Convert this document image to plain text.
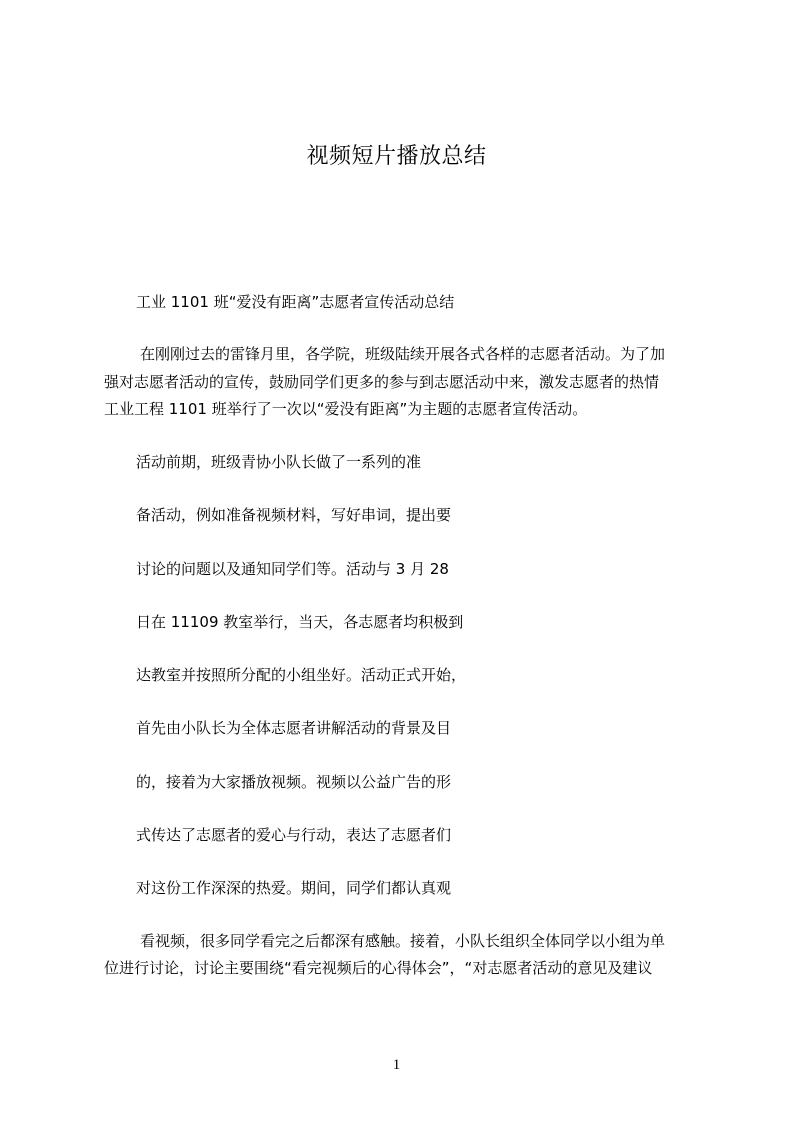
视频短片播放总结
工业 1101 班“爱没有距离”志愿者宣传活动总结
在刚刚过去的雷锋月里，各学院，班级陆续开展各式各样的志愿者活动。为了加
强对志愿者活动的宣传，鼓励同学们更多的参与到志愿活动中来，激发志愿者的热情
工业工程 1101 班举行了一次以“爱没有距离”为主题的志愿者宣传活动。
活动前期，班级青协小队长做了一系列的准
备活动，例如准备视频材料，写好串词，提出要
讨论的问题以及通知同学们等。活动与 3 月 28
日在 11109 教室举行，当天，各志愿者均积极到
达教室并按照所分配的小组坐好。活动正式开始，
首先由小队长为全体志愿者讲解活动的背景及目
的，接着为大家播放视频。视频以公益广告的形
式传达了志愿者的爱心与行动，表达了志愿者们
对这份工作深深的热爱。期间，同学们都认真观
看视频，很多同学看完之后都深有感触。接着，小队长组织全体同学以小组为单
位进行讨论，讨论主要围绕“看完视频后的心得体会”，“对志愿者活动的意见及建议
1
